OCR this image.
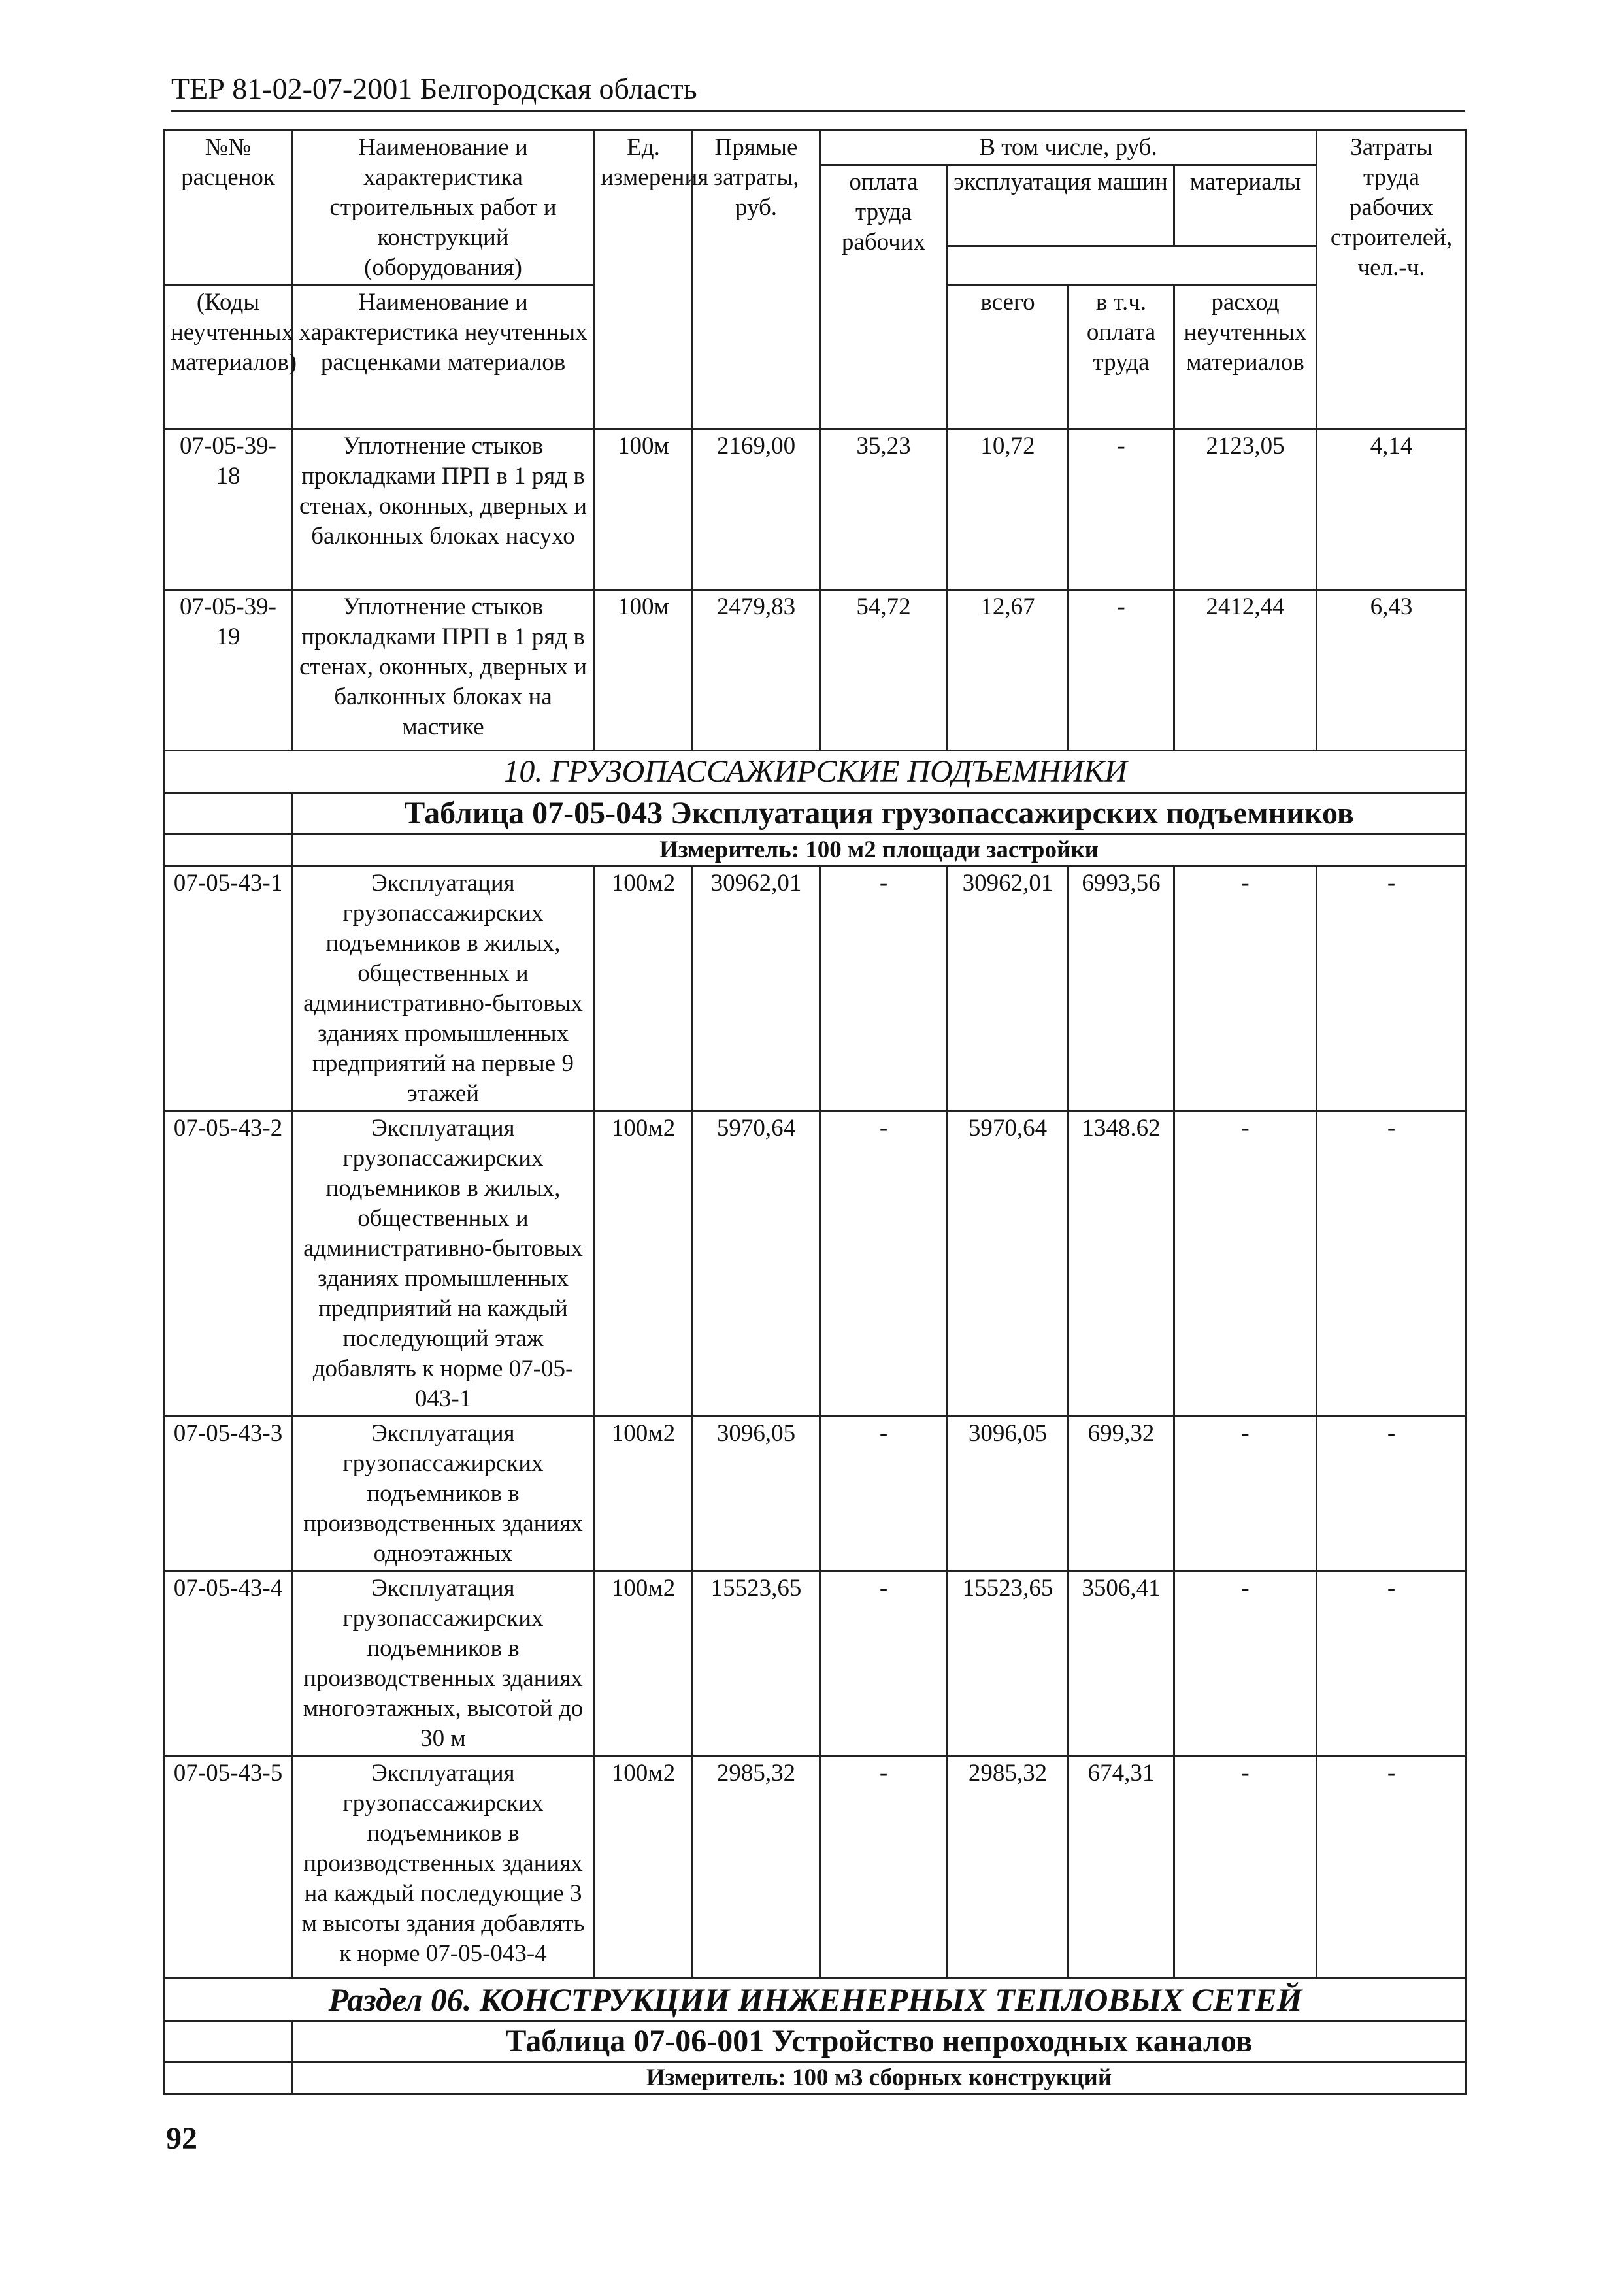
ТЕР 81-02-07-2001 Белгородская область
№№ расценок	Наименование и характеристика строительных работ и конструкций (оборудования)	Ед. измерения	Прямые затраты, руб.	В том числе, руб.				Затраты труда рабочих строителей, чел.-ч.
				оплата труда рабочих	эксплуатация машин		материалы	

(Коды неучтенных материалов)	Наименование и характеристика неучтенных расценками материалов				всего	в т.ч. оплата труда	расход неучтенных материалов	

07-05-39-18	Уплотнение стыков прокладками ПРП в 1 ряд в стенах, оконных, дверных и балконных блоках насухо	100м	2169,00	35,23	10,72	-	2123,05	4,14
07-05-39-19	Уплотнение стыков прокладками ПРП в 1 ряд в стенах, оконных, дверных и балконных блоках на мастике	100м	2479,83	54,72	12,67	-	2412,44	6,43
10. ГРУЗОПАССАЖИРСКИЕ ПОДЪЕМНИКИ								
	Таблица 07-05-043 Эксплуатация грузопассажирских подъемников							
	Измеритель: 100 м2 площади застройки							
07-05-43-1	Эксплуатация грузопассажирских подъемников в жилых, общественных и административно-бытовых зданиях промышленных предприятий на первые 9 этажей	100м2	30962,01	-	30962,01	6993,56	-	-
07-05-43-2	Эксплуатация грузопассажирских подъемников в жилых, общественных и административно-бытовых зданиях промышленных предприятий на каждый последующий этаж добавлять к норме 07-05-043-1	100м2	5970,64	-	5970,64	1348.62	-	-
07-05-43-3	Эксплуатация грузопассажирских подъемников в производственных зданиях одноэтажных	100м2	3096,05	-	3096,05	699,32	-	-
07-05-43-4	Эксплуатация грузопассажирских подъемников в производственных зданиях многоэтажных, высотой до 30 м	100м2	15523,65	-	15523,65	3506,41	-	-
07-05-43-5	Эксплуатация грузопассажирских подъемников в производственных зданиях на каждый последующие 3 м высоты здания добавлять к норме 07-05-043-4	100м2	2985,32	-	2985,32	674,31	-	-
Раздел 06. КОНСТРУКЦИИ ИНЖЕНЕРНЫХ ТЕПЛОВЫХ СЕТЕЙ								
	Таблица 07-06-001 Устройство непроходных каналов							
	Измеритель: 100 м3 сборных конструкций							
92
